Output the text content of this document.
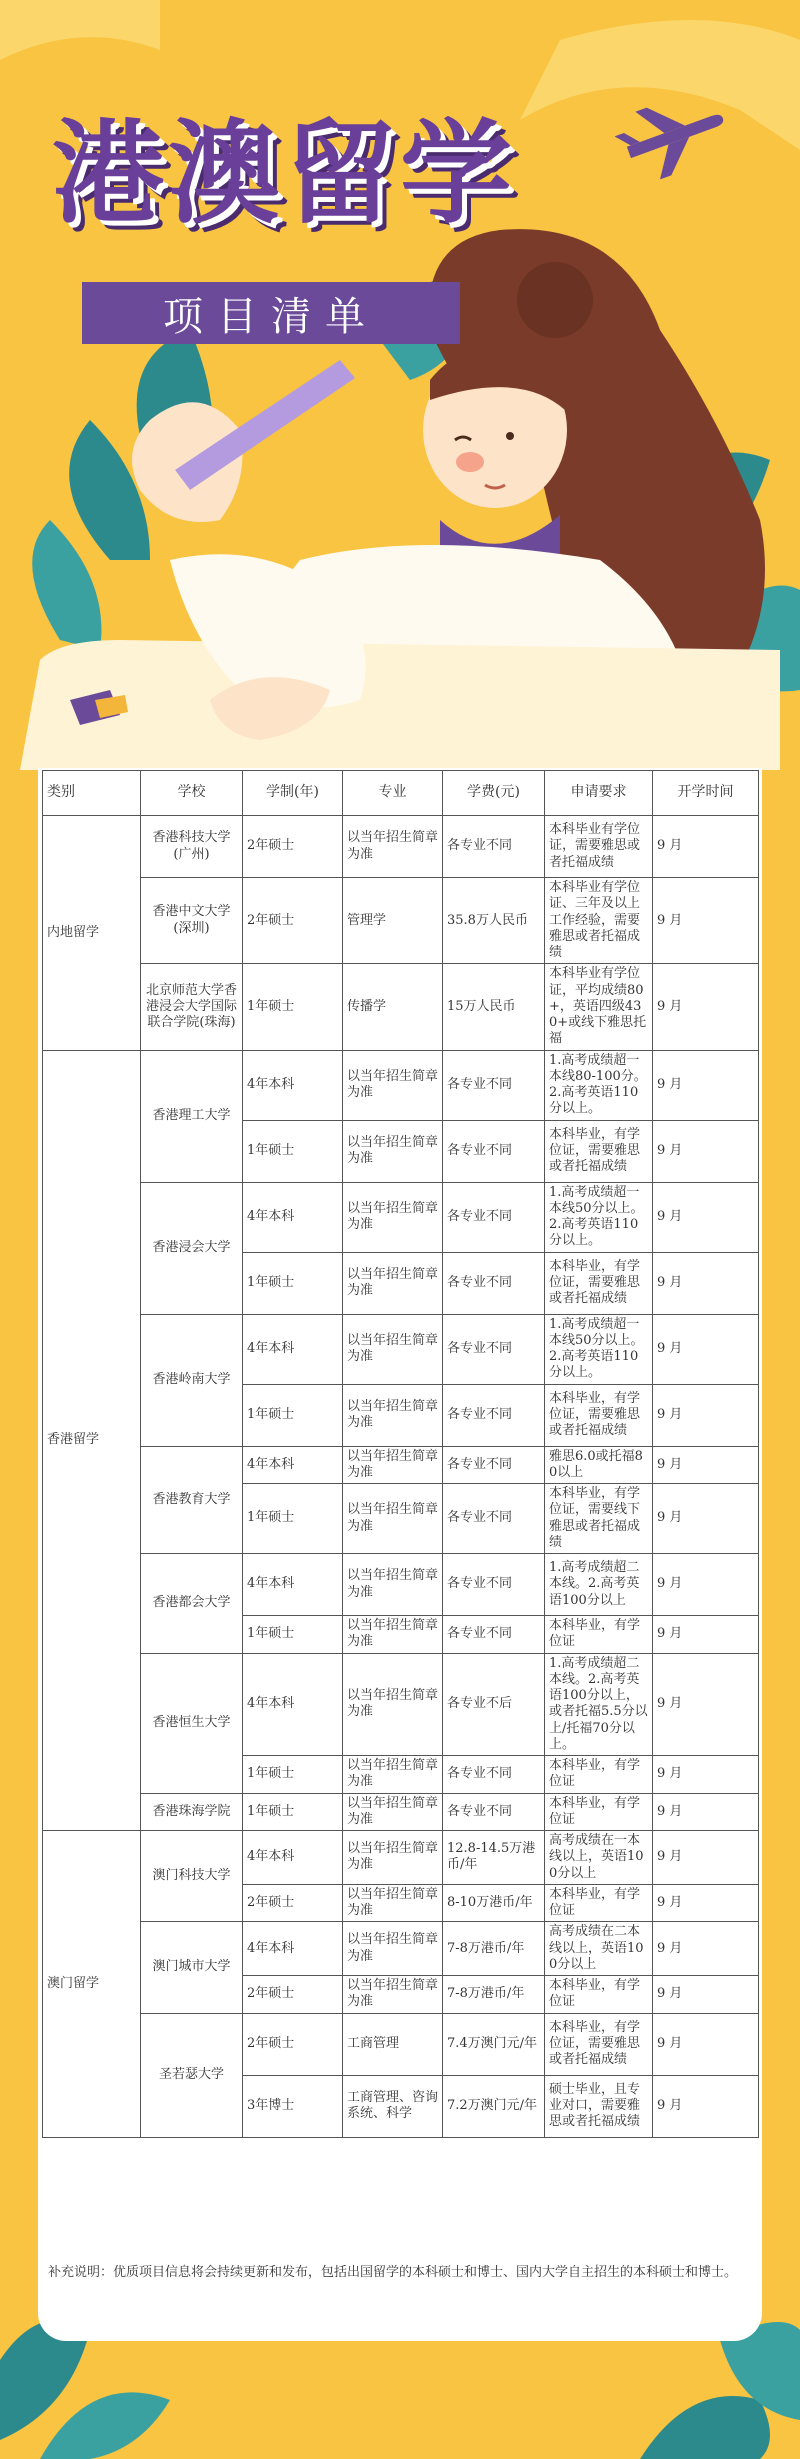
港澳留学
项目清单
类别	学校	学制(年)	专业	学费(元)	申请要求	开学时间
内地留学	香港科技大学(广州)	2年硕士	以当年招生简章为准	各专业不同	本科毕业有学位证，需要雅思或者托福成绩	9 月
	香港中文大学(深圳)	2年硕士	管理学	35.8万人民币	本科毕业有学位证、三年及以上工作经验，需要雅思或者托福成绩	9 月
	北京师范大学香港浸会大学国际联合学院(珠海)	1年硕士	传播学	15万人民币	本科毕业有学位证，平均成绩80+，英语四级430+或线下雅思托福	9 月
香港留学	香港理工大学	4年本科	以当年招生简章为准	各专业不同	1.高考成绩超一本线80-100分。2.高考英语110分以上。	9 月
		1年硕士	以当年招生简章为准	各专业不同	本科毕业，有学位证，需要雅思或者托福成绩	9 月
	香港浸会大学	4年本科	以当年招生简章为准	各专业不同	1.高考成绩超一本线50分以上。2.高考英语110分以上。	9 月
		1年硕士	以当年招生简章为准	各专业不同	本科毕业，有学位证，需要雅思或者托福成绩	9 月
	香港岭南大学	4年本科	以当年招生简章为准	各专业不同	1.高考成绩超一本线50分以上。2.高考英语110分以上。	9 月
		1年硕士	以当年招生简章为准	各专业不同	本科毕业，有学位证，需要雅思或者托福成绩	9 月
	香港教育大学	4年本科	以当年招生简章为准	各专业不同	雅思6.0或托福80以上	9 月
		1年硕士	以当年招生简章为准	各专业不同	本科毕业，有学位证，需要线下雅思或者托福成绩	9 月
	香港都会大学	4年本科	以当年招生简章为准	各专业不同	1.高考成绩超二本线。2.高考英语100分以上	9 月
		1年硕士	以当年招生简章为准	各专业不同	本科毕业，有学位证	9 月
	香港恒生大学	4年本科	以当年招生简章为准	各专业不后	1.高考成绩超二本线。2.高考英语100分以上，或者托福5.5分以上/托福70分以上。	9 月
		1年硕士	以当年招生简章为准	各专业不同	本科毕业，有学位证	9 月
	香港珠海学院	1年硕士	以当年招生简章为准	各专业不同	本科毕业，有学位证	9 月
澳门留学	澳门科技大学	4年本科	以当年招生简章为准	12.8-14.5万港币/年	高考成绩在一本线以上，英语100分以上	9 月
		2年硕士	以当年招生简章为准	8-10万港币/年	本科毕业，有学位证	9 月
	澳门城市大学	4年本科	以当年招生简章为准	7-8万港币/年	高考成绩在二本线以上，英语100分以上	9 月
		2年硕士	以当年招生简章为准	7-8万港币/年	本科毕业，有学位证	9 月
	圣若瑟大学	2年硕士	工商管理	7.4万澳门元/年	本科毕业，有学位证，需要雅思或者托福成绩	9 月
		3年博士	工商管理、咨询系统、科学	7.2万澳门元/年	硕士毕业，且专业对口，需要雅思或者托福成绩	9 月
补充说明：优质项目信息将会持续更新和发布，包括出国留学的本科硕士和博士、国内大学自主招生的本科硕士和博士。
